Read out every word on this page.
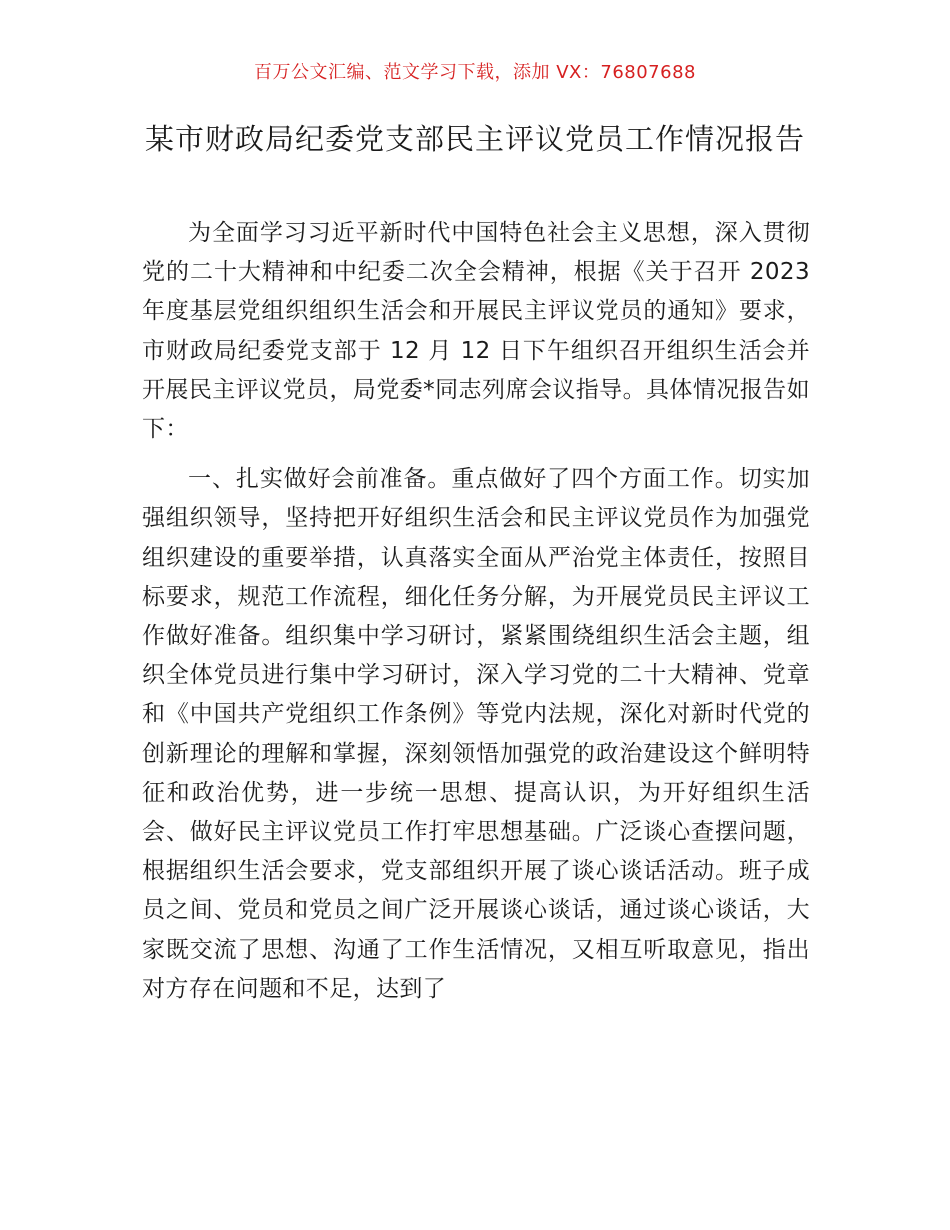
百万公文汇编、范文学习下载，添加 VX：76807688
某市财政局纪委党支部民主评议党员工作情况报告

为全面学习习近平新时代中国特色社会主义思想，深入贯彻党的二十大精神和中纪委二次全会精神，根据《关于召开 2023 年度基层党组织组织生活会和开展民主评议党员的通知》要求，市财政局纪委党支部于 12 月 12 日下午组织召开组织生活会并开展民主评议党员，局党委*同志列席会议指导。具体情况报告如下：

一、扎实做好会前准备。重点做好了四个方面工作。切实加强组织领导，坚持把开好组织生活会和民主评议党员作为加强党组织建设的重要举措，认真落实全面从严治党主体责任，按照目标要求，规范工作流程，细化任务分解，为开展党员民主评议工作做好准备。组织集中学习研讨，紧紧围绕组织生活会主题，组织全体党员进行集中学习研讨，深入学习党的二十大精神、党章和《中国共产党组织工作条例》等党内法规，深化对新时代党的创新理论的理解和掌握，深刻领悟加强党的政治建设这个鲜明特征和政治优势，进一步统一思想、提高认识，为开好组织生活会、做好民主评议党员工作打牢思想基础。广泛谈心查摆问题，根据组织生活会要求，党支部组织开展了谈心谈话活动。班子成员之间、党员和党员之间广泛开展谈心谈话，通过谈心谈话，大家既交流了思想、沟通了工作生活情况，又相互听取意见，指出对方存在问题和不足，达到了
